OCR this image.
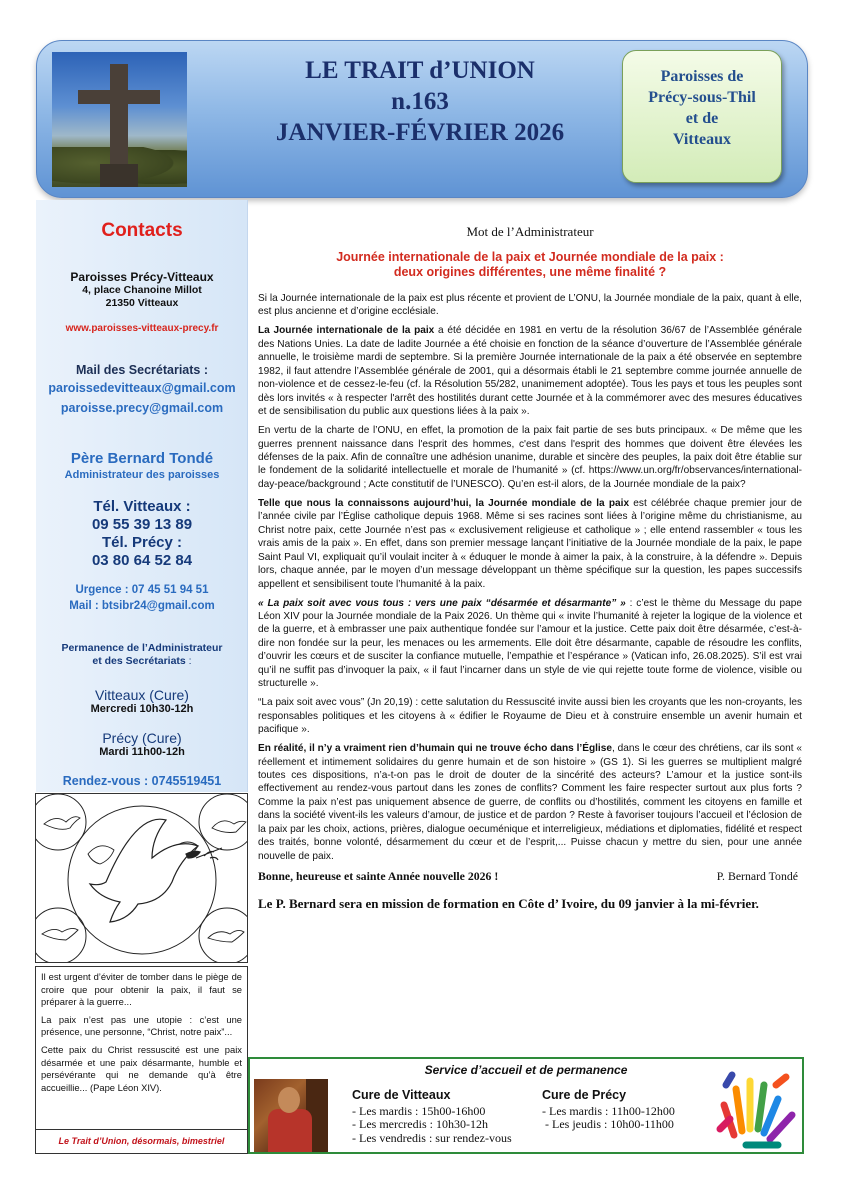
LE TRAIT d’UNION
n.163
JANVIER-FÉVRIER 2026
Paroisses de
Précy-sous-Thil
et de
Vitteaux
Contacts
Paroisses Précy-Vitteaux
4, place Chanoine Millot
21350 Vitteaux
www.paroisses-vitteaux-precy.fr
Mail des Secrétariats :
paroissedevitteaux@gmail.com
paroisse.precy@gmail.com
Père Bernard Tondé
Administrateur des paroisses
Tél. Vitteaux :
09 55 39 13 89
Tél. Précy :
03 80 64 52 84
Urgence : 07 45 51 94 51
Mail : btsibr24@gmail.com
Permanence de l’Administrateur
et des Secrétariats :
Vitteaux (Cure)
Mercredi 10h30-12h
Précy (Cure)
Mardi 11h00-12h
Rendez-vous : 0745519451

Il est urgent d’éviter de tomber dans le piège de croire que pour obtenir la paix, il faut se préparer à la guerre...

La paix n’est pas une utopie : c’est une présence, une personne, “Christ, notre paix”...

Cette paix du Christ ressuscité est une paix désarmée et une paix désarmante, humble et persévérante qui ne demande qu’à être accueillie... (Pape Léon XIV).

Le Trait d’Union, désormais, bimestriel
Mot de l’Administrateur
Journée internationale de la paix et Journée mondiale de la paix :
deux origines différentes, une même finalité ?

Si la Journée internationale de la paix est plus récente et provient de L’ONU, la Journée mondiale de la paix, quant à elle, est plus ancienne et d’origine ecclésiale.

La Journée internationale de la paix a été décidée en 1981 en vertu de la résolution 36/67 de l’Assemblée générale des Nations Unies. La date de ladite Journée a été choisie en fonction de la séance d’ouverture de l’Assemblée générale annuelle, le troisième mardi de septembre. Si la première Journée internationale de la paix a été observée en septembre 1982, il faut attendre l’Assemblée générale de 2001, qui a désormais établi le 21 septembre comme journée annuelle de non-violence et de cessez-le-feu (cf. la Résolution 55/282, unanimement adoptée). Tous les pays et tous les peuples sont dès lors invités « à respecter l'arrêt des hostilités durant cette Journée et à la commémorer avec des mesures éducatives et de sensibilisation du public aux questions liées à la paix ».

En vertu de la charte de l’ONU, en effet, la promotion de la paix fait partie de ses buts principaux. « De même que les guerres prennent naissance dans l'esprit des hommes, c'est dans l'esprit des hommes que doivent être élevées les défenses de la paix. Afin de connaître une adhésion unanime, durable et sincère des peuples, la paix doit être établie sur le fondement de la solidarité intellectuelle et morale de l’humanité » (cf. https://www.un.org/fr/observances/international-day-peace/background ; Acte constitutif de l’UNESCO). Qu’en est-il alors, de la Journée mondiale de la paix?

Telle que nous la connaissons aujourd’hui, la Journée mondiale de la paix est célébrée chaque premier jour de l’année civile par l’Église catholique depuis 1968. Même si ses racines sont liées à l’origine même du christianisme, au Christ notre paix, cette Journée n’est pas « exclusivement religieuse et catholique » ; elle entend rassembler « tous les vrais amis de la paix ». En effet, dans son premier message lançant l’initiative de la Journée mondiale de la paix, le pape Saint Paul VI, expliquait qu’il voulait inciter à « éduquer le monde à aimer la paix, à la construire, à la défendre ». Depuis lors, chaque année, par le moyen d’un message développant un thème spécifique sur la question, les papes successifs appellent et sensibilisent toute l’humanité à la paix.

« La paix soit avec vous tous : vers une paix “désarmée et désarmante” » : c’est le thème du Message du pape Léon XIV pour la Journée mondiale de la Paix 2026. Un thème qui « invite l’humanité à rejeter la logique de la violence et de la guerre, et à embrasser une paix authentique fondée sur l’amour et la justice. Cette paix doit être désarmée, c’est-à-dire non fondée sur la peur, les menaces ou les armements. Elle doit être désarmante, capable de résoudre les conflits, d’ouvrir les cœurs et de susciter la confiance mutuelle, l’empathie et l’espérance » (Vatican info, 26.08.2025). S’il est vrai qu’il ne suffit pas d’invoquer la paix, « il faut l’incarner dans un style de vie qui rejette toute forme de violence, visible ou structurelle ».

“La paix soit avec vous” (Jn 20,19) : cette salutation du Ressuscité invite aussi bien les croyants que les non-croyants, les responsables politiques et les citoyens à « édifier le Royaume de Dieu et à construire ensemble un avenir humain et pacifique ».

En réalité, il n’y a vraiment rien d’humain qui ne trouve écho dans l’Église, dans le cœur des chrétiens, car ils sont « réellement et intimement solidaires du genre humain et de son histoire » (GS 1). Si les guerres se multiplient malgré toutes ces dispositions, n’a-t-on pas le droit de douter de la sincérité des acteurs? L’amour et la justice sont-ils effectivement au rendez-vous partout dans les zones de conflits? Comment les faire respecter surtout aux plus forts ? Comme la paix n’est pas uniquement absence de guerre, de conflits ou d’hostilités, comment les citoyens en famille et dans la société vivent-ils les valeurs d’amour, de justice et de pardon ? Reste à favoriser toujours l’accueil et l’éclosion de la paix par les choix, actions, prières, dialogue oecuménique et interreligieux, médiations et diplomaties, fidélité et respect des traités, bonne volonté, désarmement du cœur et de l’esprit,... Puisse chacun y mettre du sien, pour une année nouvelle de paix.

Bonne, heureuse et sainte Année nouvelle 2026 !	P. Bernard Tondé
Le P. Bernard sera en mission de formation en Côte d’ Ivoire, du 09 janvier à la mi-février.
Service d’accueil et de permanence
Cure de Vitteaux
- Les mardis : 15h00-16h00
- Les mercredis : 10h30-12h
- Les vendredis : sur rendez-vous
Cure de Précy
- Les mardis : 11h00-12h00
- Les jeudis : 10h00-11h00
